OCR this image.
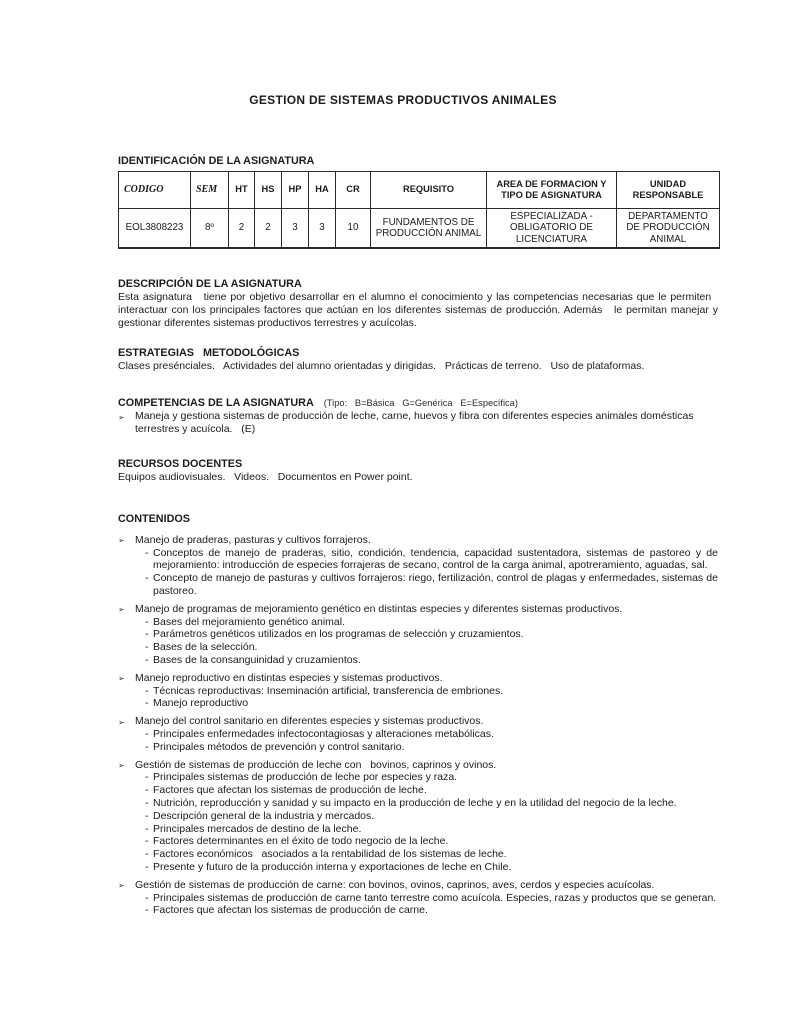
GESTION DE SISTEMAS PRODUCTIVOS ANIMALES
IDENTIFICACIÓN DE LA ASIGNATURA
CODIGO	SEM	HT	HS	HP	HA	CR	REQUISITO	AREA DE FORMACION Y TIPO DE ASIGNATURA	UNIDAD RESPONSABLE
EOL3808223	8º	2	2	3	3	10	FUNDAMENTOS DE PRODUCCIÓN ANIMAL	ESPECIALIZADA - OBLIGATORIO DE LICENCIATURA	DEPARTAMENTO DE PRODUCCIÓN ANIMAL
DESCRIPCIÓN DE LA ASIGNATURA

Esta asignatura   tiene por objetivo desarrollar en el alumno el conocimiento y las competencias necesarias que le permiten   interactuar con los principales factores que actúan en los diferentes sistemas de producción. Además   le permitan manejar y gestionar diferentes sistemas productivos terrestres y acuícolas.

ESTRATEGIAS   METODOLÓGICAS

Clases presénciales.   Actividades del alumno orientadas y dirigidas.   Prácticas de terreno.   Uso de plataformas.

COMPETENCIAS DE LA ASIGNATURA (Tipo:   B=Básica   G=Genérica   E=Específica)
➢ Maneja y gestiona sistemas de producción de leche, carne, huevos y fibra con diferentes especies animales domésticas terrestres y acuícola.   (E)
RECURSOS DOCENTES

Equipos audiovisuales.   Videos.   Documentos en Power point.

CONTENIDOS
➢ Manejo de praderas, pasturas y cultivos forrajeros.
- Conceptos de manejo de praderas, sitio, condición, tendencia, capacidad sustentadora, sistemas de pastoreo y de mejoramiento: introducción de especies forrajeras de secano, control de la carga animal, apotreramiento, aguadas, sal.
- Concepto de manejo de pasturas y cultivos forrajeros: riego, fertilización, control de plagas y enfermedades, sistemas de pastoreo.
➢ Manejo de programas de mejoramiento genético en distintas especies y diferentes sistemas productivos.
- Bases del mejoramiento genético animal.
- Parámetros genéticos utilizados en los programas de selección y cruzamientos.
- Bases de la selección.
- Bases de la consanguinidad y cruzamientos.
➢ Manejo reproductivo en distintas especies y sistemas productivos.
- Técnicas reproductivas: Inseminación artificial, transferencia de embriones.
- Manejo reproductivo
➢ Manejo del control sanitario en diferentes especies y sistemas productivos.
- Principales enfermedades infectocontagiosas y alteraciones metabólicas.
- Principales métodos de prevención y control sanitario.
➢ Gestión de sistemas de producción de leche con   bovinos, caprinos y ovinos.
- Principales sistemas de producción de leche por especies y raza.
- Factores que afectan los sistemas de producción de leche.
- Nutrición, reproducción y sanidad y su impacto en la producción de leche y en la utilidad del negocio de la leche.
- Descripción general de la industria y mercados.
- Principales mercados de destino de la leche.
- Factores determinantes en el éxito de todo negocio de la leche.
- Factores económicos   asociados a la rentabilidad de los sistemas de leche.
- Presente y futuro de la producción interna y exportaciones de leche en Chile.
➢ Gestión de sistemas de producción de carne: con bovinos, ovinos, caprinos, aves, cerdos y especies acuícolas.
- Principales sistemas de producción de carne tanto terrestre como acuícola. Especies, razas y productos que se generan.
- Factores que afectan los sistemas de producción de carne.
